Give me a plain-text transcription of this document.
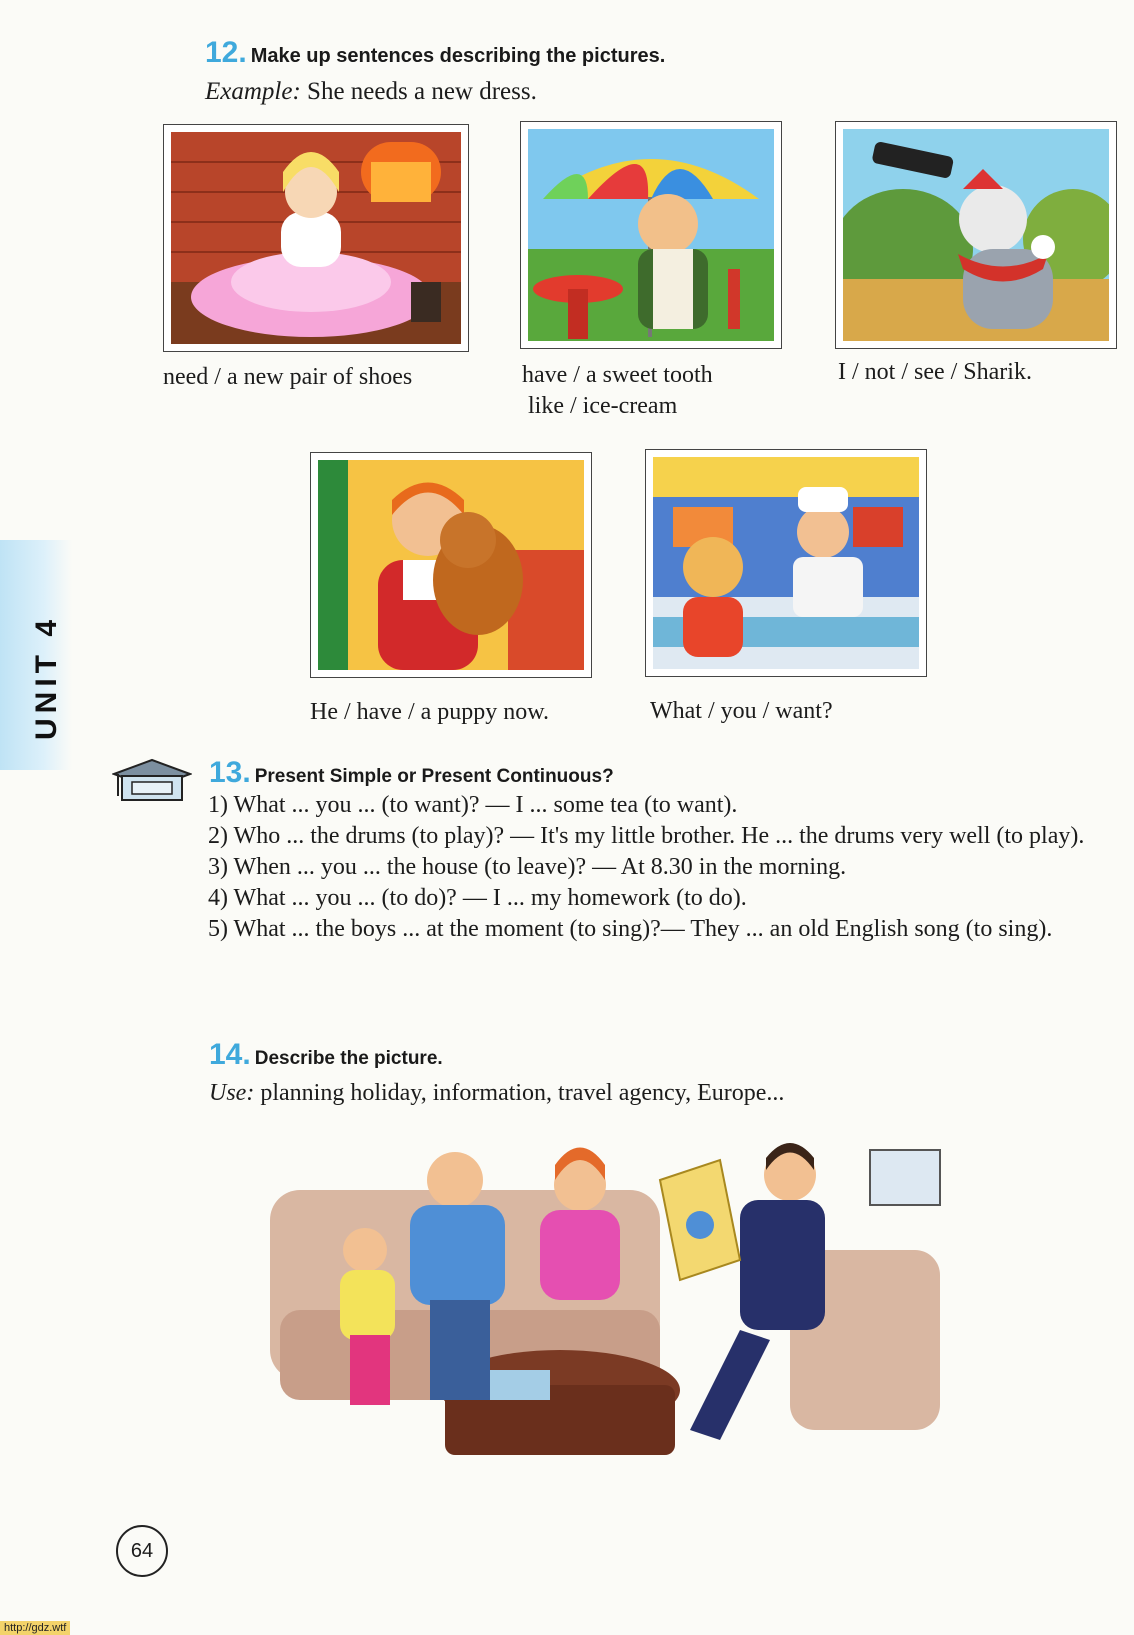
12. Make up sentences describing the pictures.
Example: She needs a new dress.
need / a new pair of shoes	have / a sweet tooth
like / ice-cream
I / not / see / Sharik.
He / have / a puppy now.	What / you / want?
UNIT 4
13. Present Simple or Present Continuous?
1) What ... you ... (to want)? — I ... some tea (to want).
2) Who ... the drums (to play)? — It's my little brother. He ... the drums very well (to play).
3) When ... you ... the house (to leave)? — At 8.30 in the morning.
4) What ... you ... (to do)? — I ... my homework (to do).
5) What ... the boys ... at the moment (to sing)?— They ... an old English song (to sing).
14. Describe the picture.
Use: planning holiday, information, travel agency, Europe...
64
http://gdz.wtf
